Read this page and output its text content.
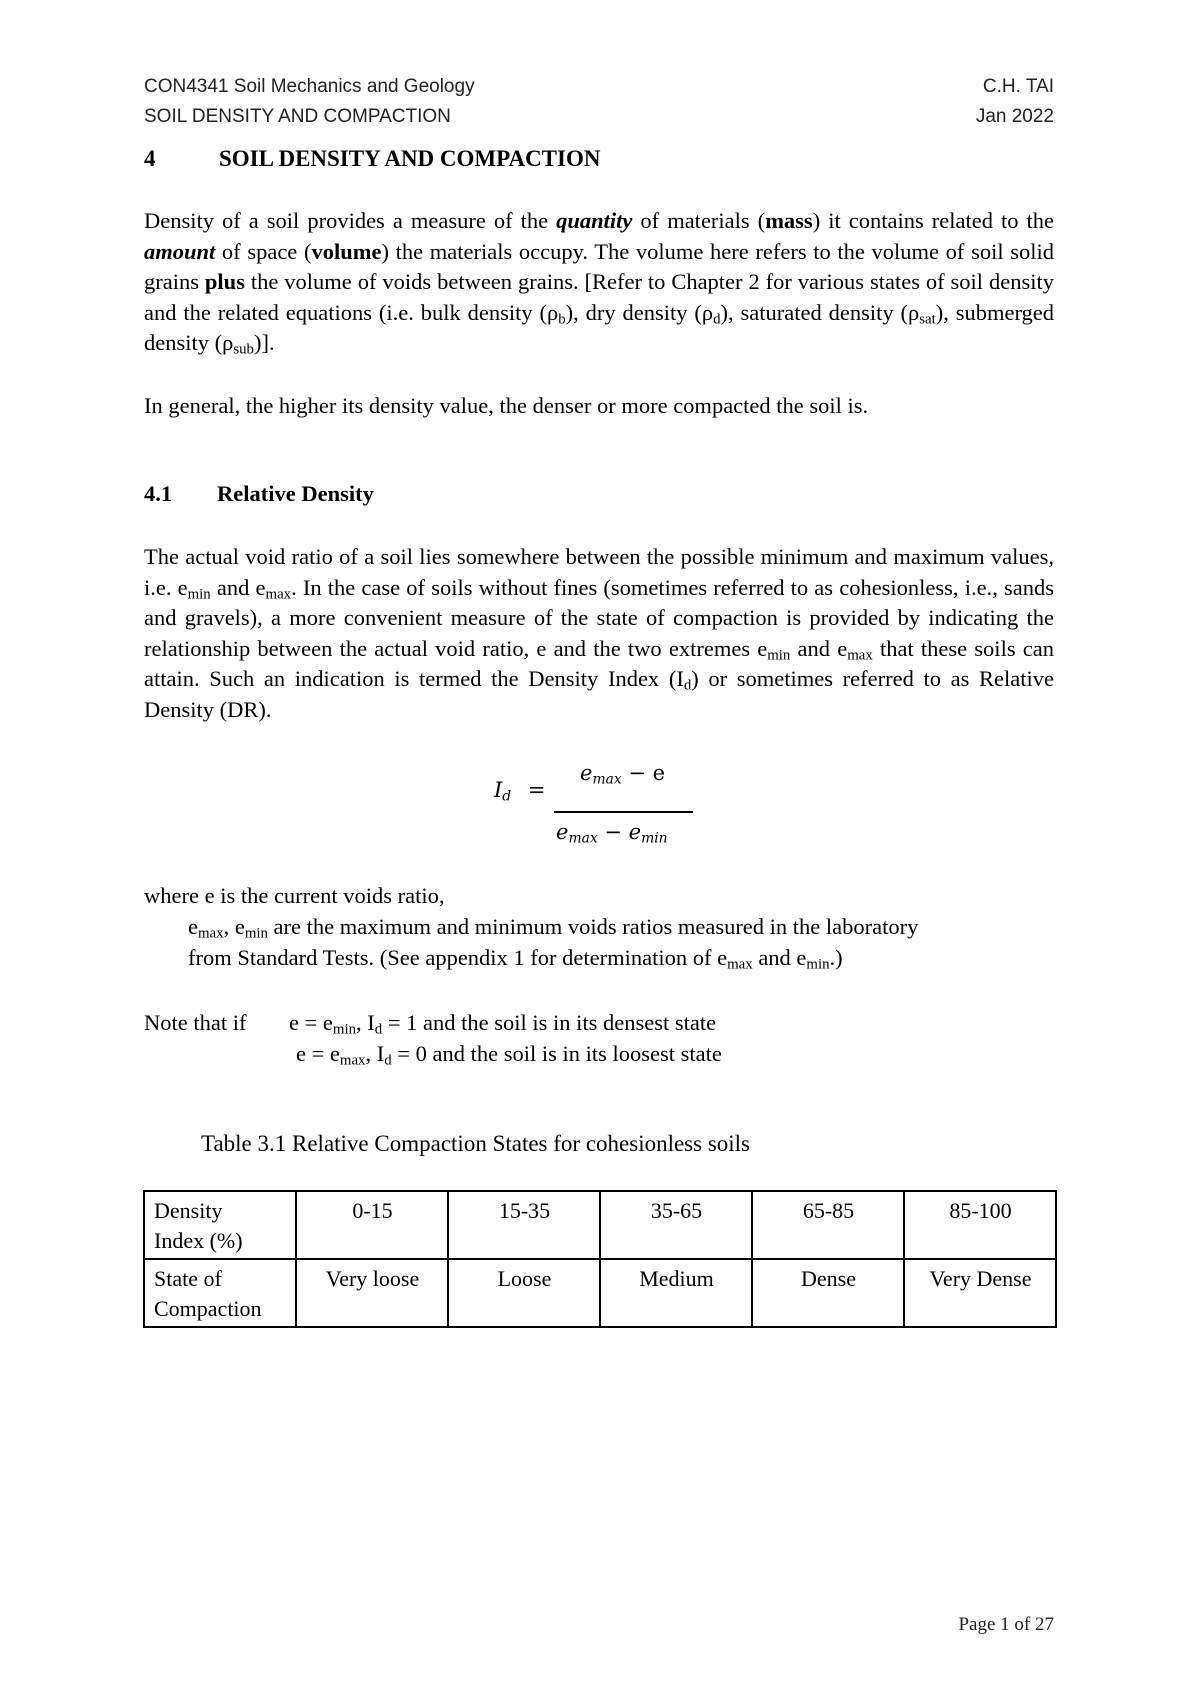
CON4341 Soil Mechanics and Geology
SOIL DENSITY AND COMPACTION
C.H. TAI
Jan 2022
4	SOIL DENSITY AND COMPACTION
Density of a soil provides a measure of the quantity of materials (mass) it contains related to the amount of space (volume) the materials occupy. The volume here refers to the volume of soil solid grains plus the volume of voids between grains. [Refer to Chapter 2 for various states of soil density and the related equations (i.e. bulk density $(\rho_b)$, dry density $(\rho_d)$, saturated density $(\rho_{sat})$, submerged density $(\rho_{sub})$].
In general, the higher its density value, the denser or more compacted the soil is.
4.1 Relative Density
The actual void ratio of a soil lies somewhere between the possible minimum and maximum values, i.e. $e_{min}$ and $e_{max}$. In the case of soils without fines (sometimes referred to as cohesionless, i.e., sands and gravels), a more convenient measure of the state of compaction is provided by indicating the relationship between the actual void ratio, e and the two extremes $e_{min}$ and $e_{max}$ that these soils can attain. Such an indication is termed the Density Index $(I_d)$ or sometimes referred to as Relative Density (DR).
$I_d$ =
$e_{max} - e$
$e_{max} - e_{min}$
where e is the current voids ratio,
$e_{max}$, $e_{min}$ are the maximum and minimum voids ratios measured in the laboratory
from Standard Tests. (See appendix 1 for determination of $e_{max}$ and $e_{min}$.)
Note that if $e = e_{min}$, $I_d = 1$ and the soil is in its densest state
$e = e_{max}$, $I_d = 0$ and the soil is in its loosest state
Table 3.1 Relative Compaction States for cohesionless soils
Density
Index (%)	0-15	15-35	35-65	65-85	85-100
State of
Compaction	Very loose	Loose	Medium	Dense	Very Dense
Page 1 of 27
